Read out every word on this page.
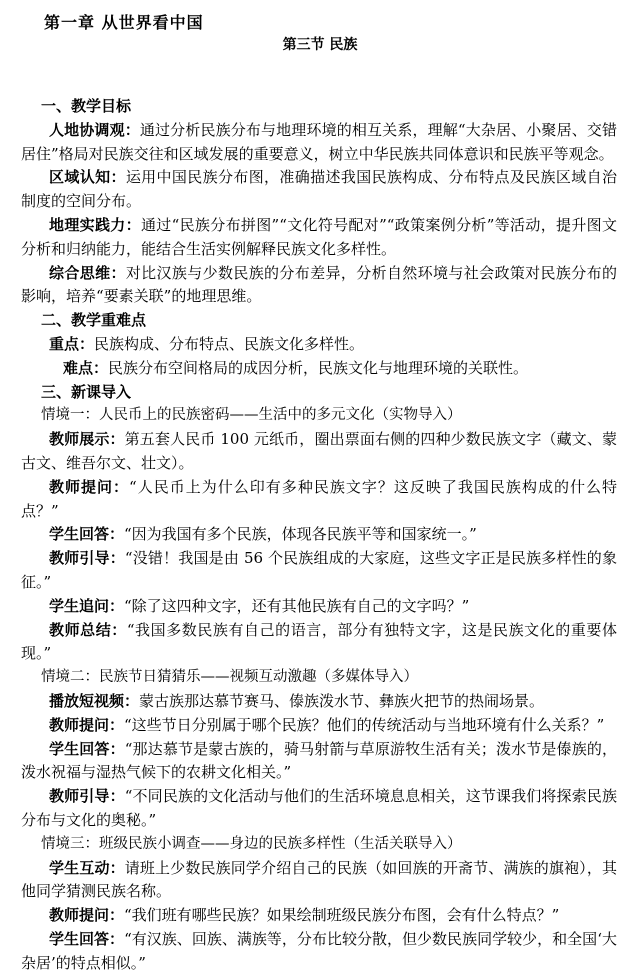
第一章 从世界看中国
第三节 民族
一、教学目标
人地协调观：通过分析民族分布与地理环境的相互关系，理解“大杂居、小聚居、交错居住”格局对民族交往和区域发展的重要意义，树立中华民族共同体意识和民族平等观念。
区域认知：运用中国民族分布图，准确描述我国民族构成、分布特点及民族区域自治制度的空间分布。
地理实践力：通过“民族分布拼图”“文化符号配对”“政策案例分析”等活动，提升图文分析和归纳能力，能结合生活实例解释民族文化多样性。
综合思维：对比汉族与少数民族的分布差异，分析自然环境与社会政策对民族分布的影响，培养“要素关联”的地理思维。
二、教学重难点
重点：民族构成、分布特点、民族文化多样性。
难点：民族分布空间格局的成因分析，民族文化与地理环境的关联性。
三、新课导入
情境一：人民币上的民族密码——生活中的多元文化（实物导入）
教师展示：第五套人民币 100 元纸币，圈出票面右侧的四种少数民族文字（藏文、蒙古文、维吾尔文、壮文）。
教师提问：“人民币上为什么印有多种民族文字？这反映了我国民族构成的什么特点？”
学生回答：“因为我国有多个民族，体现各民族平等和国家统一。”
教师引导：“没错！我国是由 56 个民族组成的大家庭，这些文字正是民族多样性的象征。”
学生追问：“除了这四种文字，还有其他民族有自己的文字吗？”
教师总结：“我国多数民族有自己的语言，部分有独特文字，这是民族文化的重要体现。”
情境二：民族节日猜猜乐——视频互动激趣（多媒体导入）
播放短视频：蒙古族那达慕节赛马、傣族泼水节、彝族火把节的热闹场景。
教师提问：“这些节日分别属于哪个民族？他们的传统活动与当地环境有什么关系？”
学生回答：“那达慕节是蒙古族的，骑马射箭与草原游牧生活有关；泼水节是傣族的，泼水祝福与湿热气候下的农耕文化相关。”
教师引导：“不同民族的文化活动与他们的生活环境息息相关，这节课我们将探索民族分布与文化的奥秘。”
情境三：班级民族小调查——身边的民族多样性（生活关联导入）
学生互动：请班上少数民族同学介绍自己的民族（如回族的开斋节、满族的旗袍），其他同学猜测民族名称。
教师提问：“我们班有哪些民族？如果绘制班级民族分布图，会有什么特点？”
学生回答：“有汉族、回族、满族等，分布比较分散，但少数民族同学较少，和全国‘大杂居’的特点相似。”
